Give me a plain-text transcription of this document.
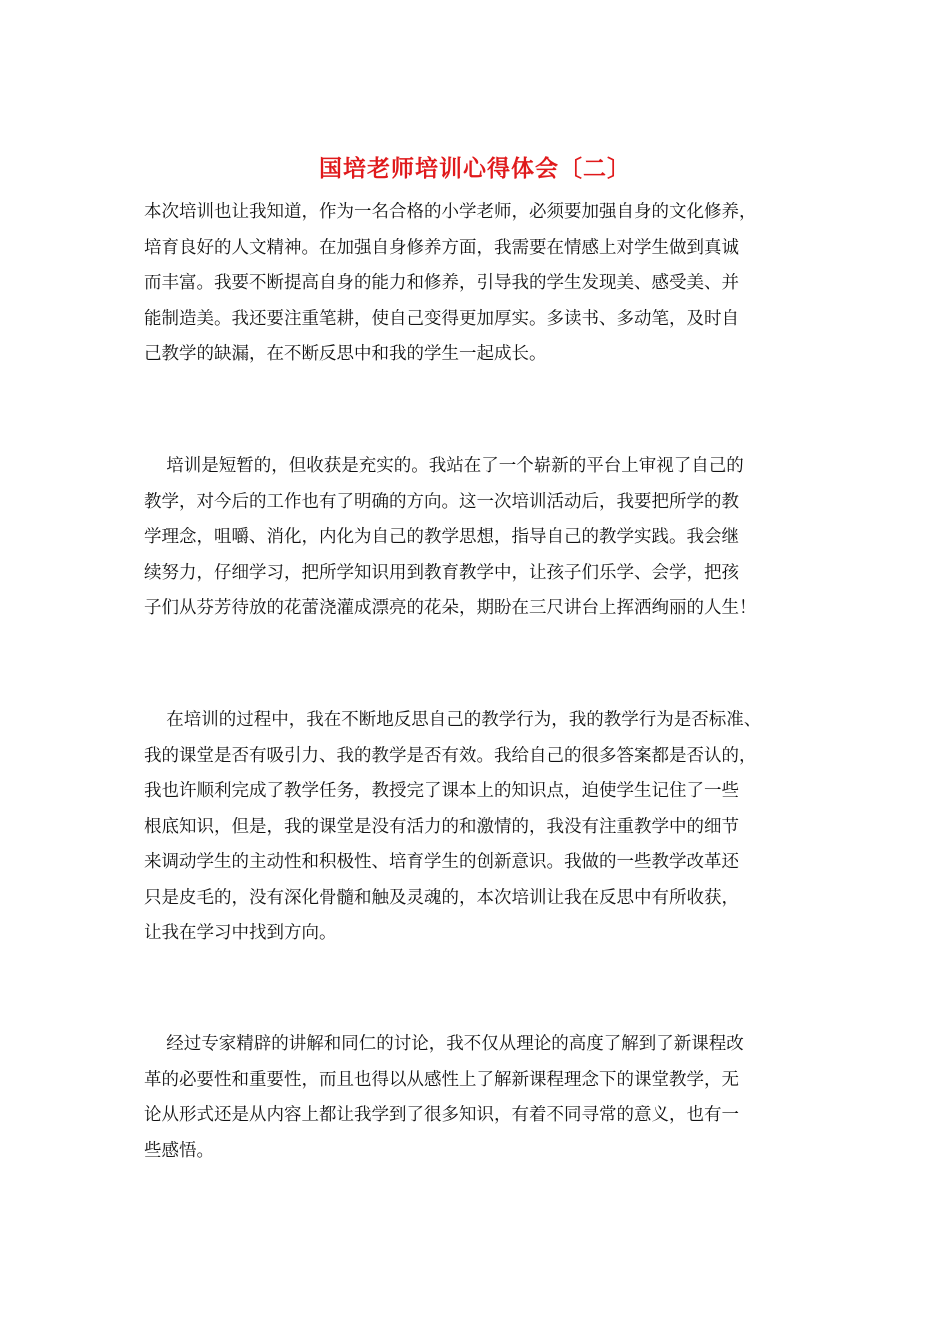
国培老师培训心得体会〔二〕
本次培训也让我知道，作为一名合格的小学老师，必须要加强自身的文化修养，
培育良好的人文精神。在加强自身修养方面，我需要在情感上对学生做到真诚
而丰富。我要不断提高自身的能力和修养，引导我的学生发现美、感受美、并
能制造美。我还要注重笔耕，使自己变得更加厚实。多读书、多动笔，及时自
己教学的缺漏，在不断反思中和我的学生一起成长。
培训是短暂的，但收获是充实的。我站在了一个崭新的平台上审视了自己的
教学，对今后的工作也有了明确的方向。这一次培训活动后，我要把所学的教
学理念，咀嚼、消化，内化为自己的教学思想，指导自己的教学实践。我会继
续努力，仔细学习，把所学知识用到教育教学中，让孩子们乐学、会学，把孩
子们从芬芳待放的花蕾浇灌成漂亮的花朵，期盼在三尺讲台上挥洒绚丽的人生！
在培训的过程中，我在不断地反思自己的教学行为，我的教学行为是否标准、
我的课堂是否有吸引力、我的教学是否有效。我给自己的很多答案都是否认的，
我也许顺利完成了教学任务，教授完了课本上的知识点，迫使学生记住了一些
根底知识，但是，我的课堂是没有活力的和激情的，我没有注重教学中的细节
来调动学生的主动性和积极性、培育学生的创新意识。我做的一些教学改革还
只是皮毛的，没有深化骨髓和触及灵魂的，本次培训让我在反思中有所收获，
让我在学习中找到方向。
经过专家精辟的讲解和同仁的讨论，我不仅从理论的高度了解到了新课程改
革的必要性和重要性，而且也得以从感性上了解新课程理念下的课堂教学，无
论从形式还是从内容上都让我学到了很多知识，有着不同寻常的意义，也有一
些感悟。
